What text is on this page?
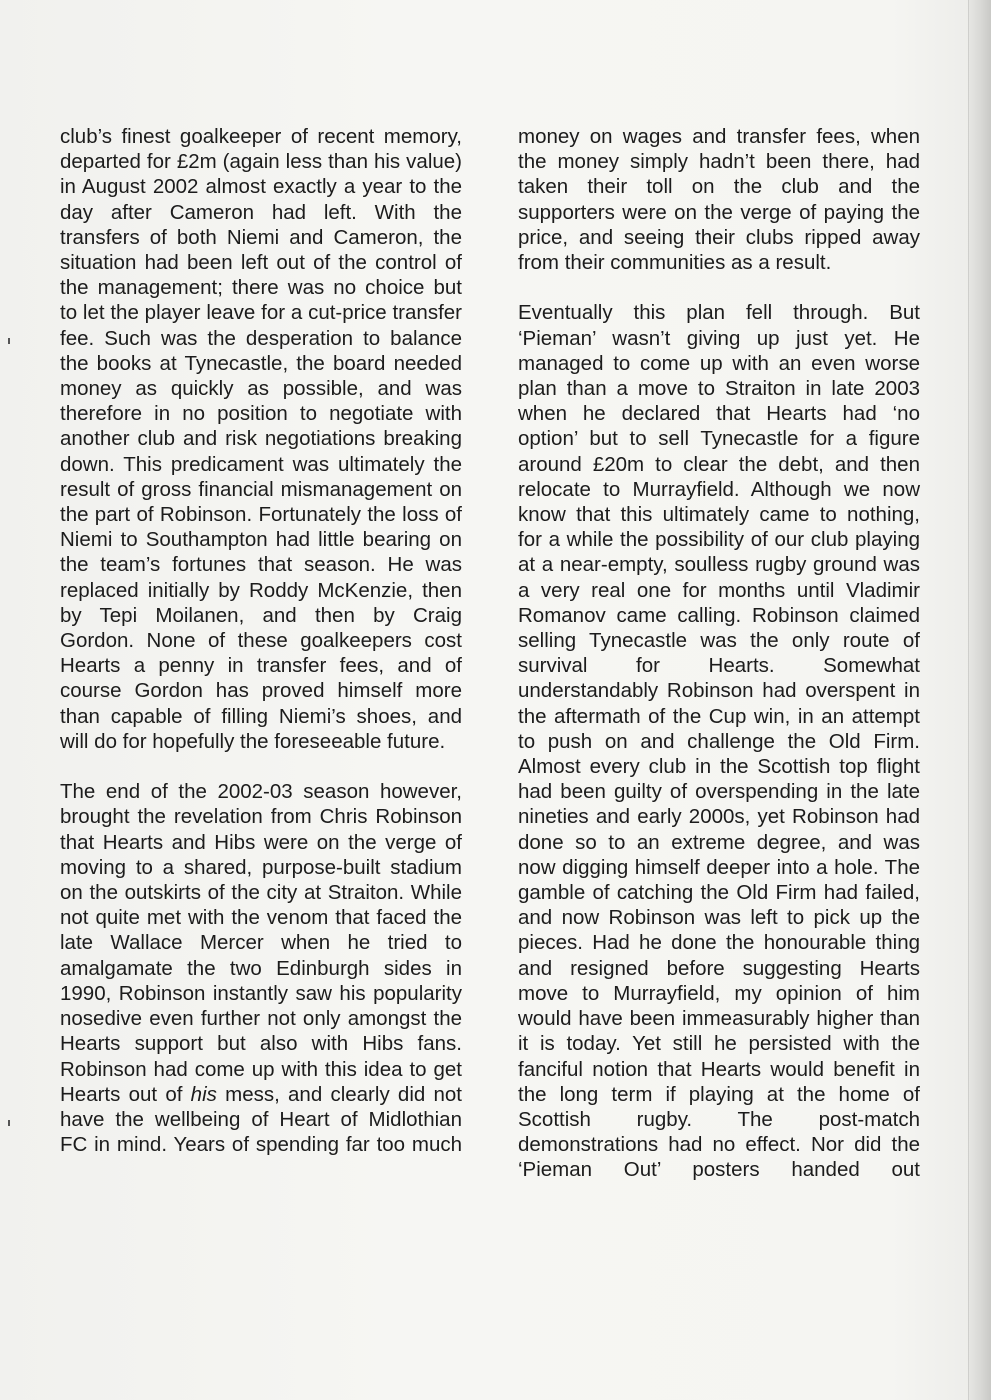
club’s finest goalkeeper of recent memory, departed for £2m (again less than his value) in August 2002 almost exactly a year to the day after Cameron had left. With the transfers of both Niemi and Cameron, the situation had been left out of the control of the management; there was no choice but to let the player leave for a cut-price transfer fee. Such was the desperation to balance the books at Tynecastle, the board needed money as quickly as possible, and was therefore in no position to negotiate with another club and risk negotiations breaking down. This predicament was ultimately the result of gross financial mismanagement on the part of Robinson. Fortunately the loss of Niemi to Southampton had little bearing on the team’s fortunes that season. He was replaced initially by Roddy McKenzie, then by Tepi Moilanen, and then by Craig Gordon. None of these goalkeepers cost Hearts a penny in transfer fees, and of course Gordon has proved himself more than capable of filling Niemi’s shoes, and will do for hopefully the foreseeable future.

The end of the 2002-03 season however, brought the revelation from Chris Robinson that Hearts and Hibs were on the verge of moving to a shared, purpose-built stadium on the outskirts of the city at Straiton. While not quite met with the venom that faced the late Wallace Mercer when he tried to amalgamate the two Edinburgh sides in 1990, Robinson instantly saw his popularity nosedive even further not only amongst the Hearts support but also with Hibs fans. Robinson had come up with this idea to get Hearts out of his mess, and clearly did not have the wellbeing of Heart of Midlothian FC in mind. Years of spending far too much

money on wages and transfer fees, when the money simply hadn’t been there, had taken their toll on the club and the supporters were on the verge of paying the price, and seeing their clubs ripped away from their communities as a result.

Eventually this plan fell through. But ‘Pieman’ wasn’t giving up just yet. He managed to come up with an even worse plan than a move to Straiton in late 2003 when he declared that Hearts had ‘no option’ but to sell Tynecastle for a figure around £20m to clear the debt, and then relocate to Murrayfield. Although we now know that this ultimately came to nothing, for a while the possibility of our club playing at a near-empty, soulless rugby ground was a very real one for months until Vladimir Romanov came calling. Robinson claimed selling Tynecastle was the only route of survival for Hearts. Somewhat understandably Robinson had overspent in the aftermath of the Cup win, in an attempt to push on and challenge the Old Firm. Almost every club in the Scottish top flight had been guilty of overspending in the late nineties and early 2000s, yet Robinson had done so to an extreme degree, and was now digging himself deeper into a hole. The gamble of catching the Old Firm had failed, and now Robinson was left to pick up the pieces. Had he done the honourable thing and resigned before suggesting Hearts move to Murrayfield, my opinion of him would have been immeasurably higher than it is today. Yet still he persisted with the fanciful notion that Hearts would benefit in the long term if playing at the home of Scottish rugby. The post-match demonstrations had no effect. Nor did the ‘Pieman Out’ posters handed out
